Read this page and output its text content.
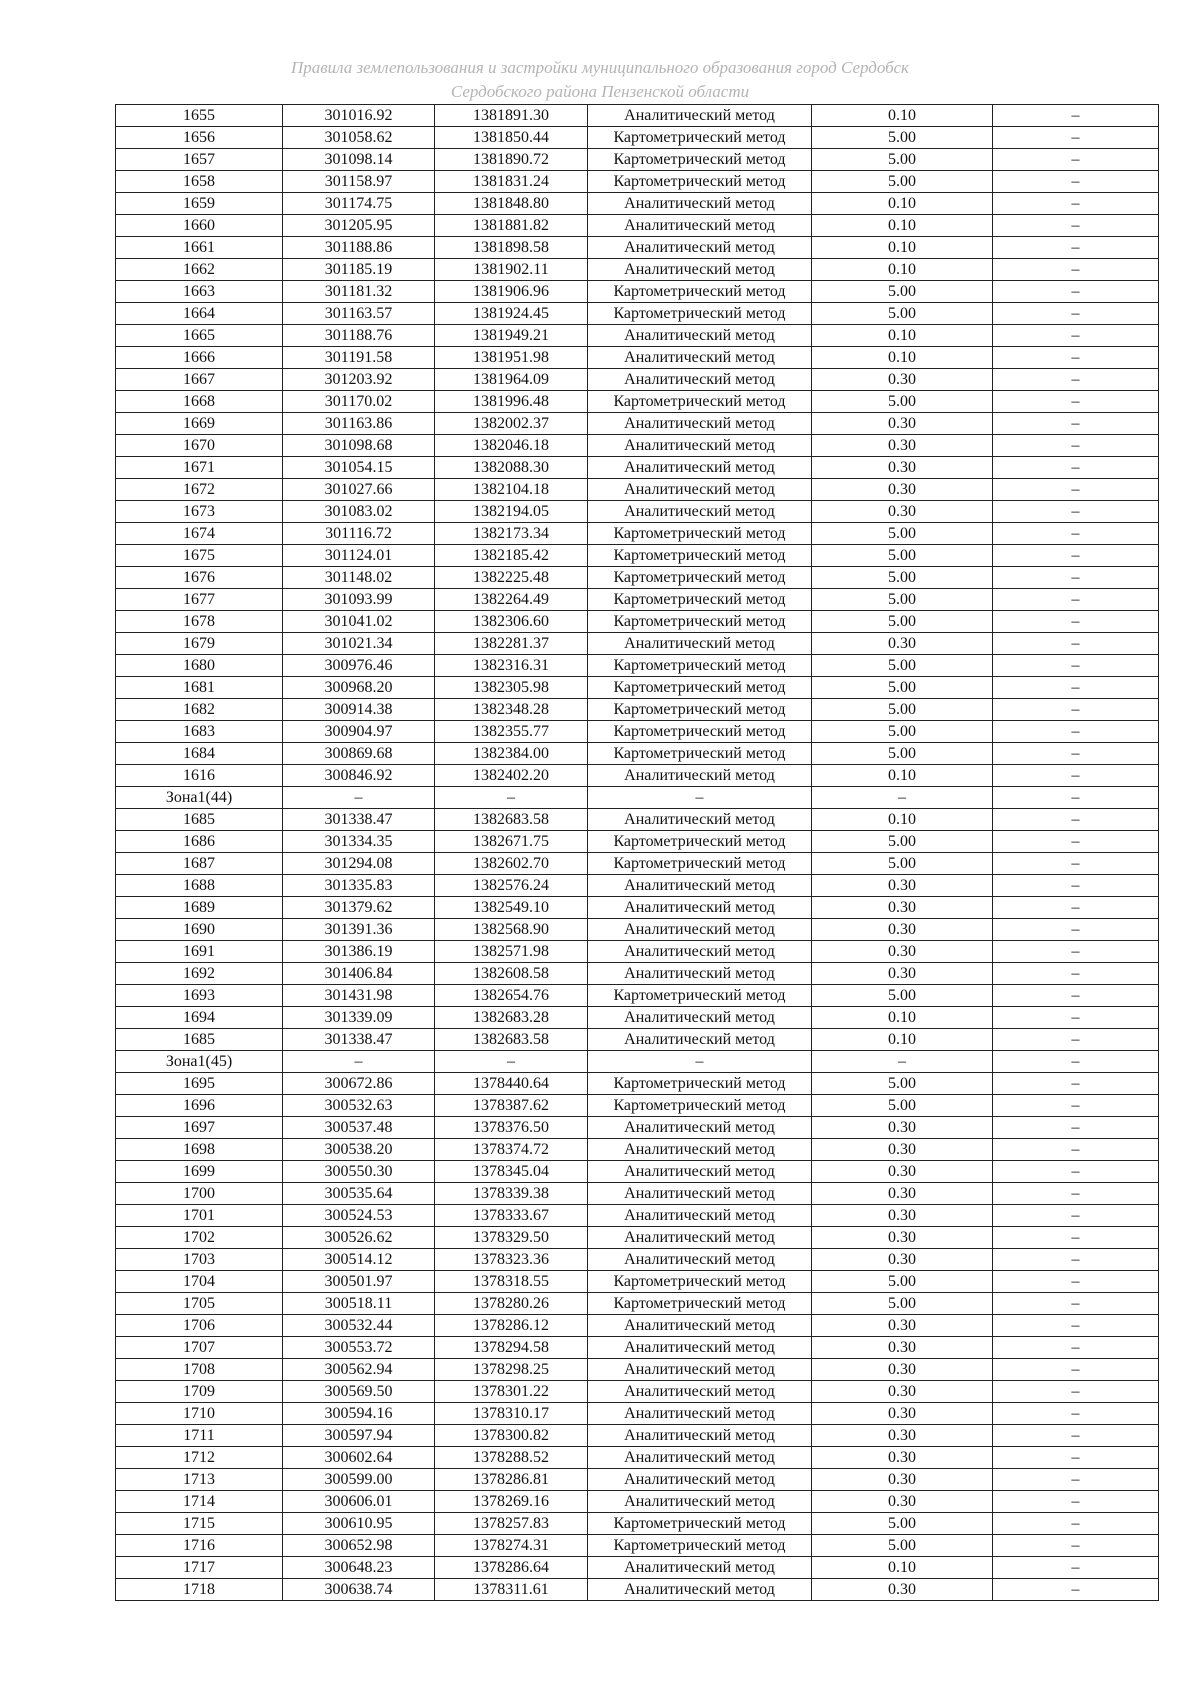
Правила землепользования и застройки муниципального образования город Сердобск
Сердобского района Пензенской области
1655	301016.92	1381891.30	Аналитический метод	0.10	–
1656	301058.62	1381850.44	Картометрический метод	5.00	–
1657	301098.14	1381890.72	Картометрический метод	5.00	–
1658	301158.97	1381831.24	Картометрический метод	5.00	–
1659	301174.75	1381848.80	Аналитический метод	0.10	–
1660	301205.95	1381881.82	Аналитический метод	0.10	–
1661	301188.86	1381898.58	Аналитический метод	0.10	–
1662	301185.19	1381902.11	Аналитический метод	0.10	–
1663	301181.32	1381906.96	Картометрический метод	5.00	–
1664	301163.57	1381924.45	Картометрический метод	5.00	–
1665	301188.76	1381949.21	Аналитический метод	0.10	–
1666	301191.58	1381951.98	Аналитический метод	0.10	–
1667	301203.92	1381964.09	Аналитический метод	0.30	–
1668	301170.02	1381996.48	Картометрический метод	5.00	–
1669	301163.86	1382002.37	Аналитический метод	0.30	–
1670	301098.68	1382046.18	Аналитический метод	0.30	–
1671	301054.15	1382088.30	Аналитический метод	0.30	–
1672	301027.66	1382104.18	Аналитический метод	0.30	–
1673	301083.02	1382194.05	Аналитический метод	0.30	–
1674	301116.72	1382173.34	Картометрический метод	5.00	–
1675	301124.01	1382185.42	Картометрический метод	5.00	–
1676	301148.02	1382225.48	Картометрический метод	5.00	–
1677	301093.99	1382264.49	Картометрический метод	5.00	–
1678	301041.02	1382306.60	Картометрический метод	5.00	–
1679	301021.34	1382281.37	Аналитический метод	0.30	–
1680	300976.46	1382316.31	Картометрический метод	5.00	–
1681	300968.20	1382305.98	Картометрический метод	5.00	–
1682	300914.38	1382348.28	Картометрический метод	5.00	–
1683	300904.97	1382355.77	Картометрический метод	5.00	–
1684	300869.68	1382384.00	Картометрический метод	5.00	–
1616	300846.92	1382402.20	Аналитический метод	0.10	–
Зона1(44)	–	–	–	–	–
1685	301338.47	1382683.58	Аналитический метод	0.10	–
1686	301334.35	1382671.75	Картометрический метод	5.00	–
1687	301294.08	1382602.70	Картометрический метод	5.00	–
1688	301335.83	1382576.24	Аналитический метод	0.30	–
1689	301379.62	1382549.10	Аналитический метод	0.30	–
1690	301391.36	1382568.90	Аналитический метод	0.30	–
1691	301386.19	1382571.98	Аналитический метод	0.30	–
1692	301406.84	1382608.58	Аналитический метод	0.30	–
1693	301431.98	1382654.76	Картометрический метод	5.00	–
1694	301339.09	1382683.28	Аналитический метод	0.10	–
1685	301338.47	1382683.58	Аналитический метод	0.10	–
Зона1(45)	–	–	–	–	–
1695	300672.86	1378440.64	Картометрический метод	5.00	–
1696	300532.63	1378387.62	Картометрический метод	5.00	–
1697	300537.48	1378376.50	Аналитический метод	0.30	–
1698	300538.20	1378374.72	Аналитический метод	0.30	–
1699	300550.30	1378345.04	Аналитический метод	0.30	–
1700	300535.64	1378339.38	Аналитический метод	0.30	–
1701	300524.53	1378333.67	Аналитический метод	0.30	–
1702	300526.62	1378329.50	Аналитический метод	0.30	–
1703	300514.12	1378323.36	Аналитический метод	0.30	–
1704	300501.97	1378318.55	Картометрический метод	5.00	–
1705	300518.11	1378280.26	Картометрический метод	5.00	–
1706	300532.44	1378286.12	Аналитический метод	0.30	–
1707	300553.72	1378294.58	Аналитический метод	0.30	–
1708	300562.94	1378298.25	Аналитический метод	0.30	–
1709	300569.50	1378301.22	Аналитический метод	0.30	–
1710	300594.16	1378310.17	Аналитический метод	0.30	–
1711	300597.94	1378300.82	Аналитический метод	0.30	–
1712	300602.64	1378288.52	Аналитический метод	0.30	–
1713	300599.00	1378286.81	Аналитический метод	0.30	–
1714	300606.01	1378269.16	Аналитический метод	0.30	–
1715	300610.95	1378257.83	Картометрический метод	5.00	–
1716	300652.98	1378274.31	Картометрический метод	5.00	–
1717	300648.23	1378286.64	Аналитический метод	0.10	–
1718	300638.74	1378311.61	Аналитический метод	0.30	–
